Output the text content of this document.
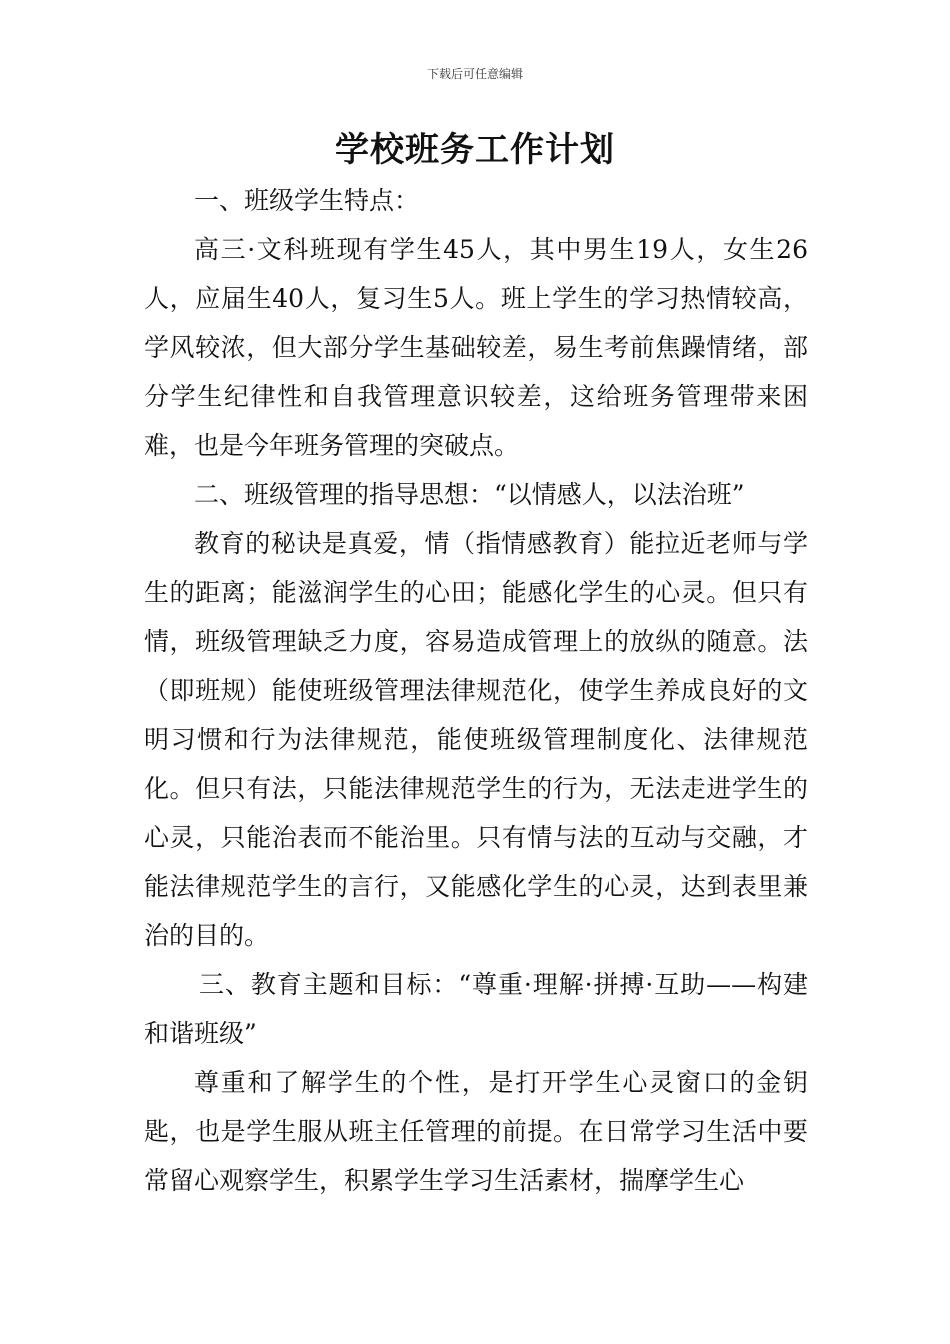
下载后可任意编辑
学校班务工作计划

一、班级学生特点：

高三·文科班现有学生45人，其中男生19人，女生26人，应届生40人，复习生5人。班上学生的学习热情较高，学风较浓，但大部分学生基础较差，易生考前焦躁情绪，部分学生纪律性和自我管理意识较差，这给班务管理带来困难，也是今年班务管理的突破点。

二、班级管理的指导思想：“以情感人，以法治班”

教育的秘诀是真爱，情（指情感教育）能拉近老师与学生的距离；能滋润学生的心田；能感化学生的心灵。但只有情，班级管理缺乏力度，容易造成管理上的放纵的随意。法（即班规）能使班级管理法律规范化，使学生养成良好的文明习惯和行为法律规范，能使班级管理制度化、法律规范化。但只有法，只能法律规范学生的行为，无法走进学生的心灵，只能治表而不能治里。只有情与法的互动与交融，才能法律规范学生的言行，又能感化学生的心灵，达到表里兼治的目的。

三、教育主题和目标：“尊重·理解·拼搏·互助——构建和谐班级”

尊重和了解学生的个性，是打开学生心灵窗口的金钥匙，也是学生服从班主任管理的前提。在日常学习生活中要常留心观察学生，积累学生学习生活素材，揣摩学生心
